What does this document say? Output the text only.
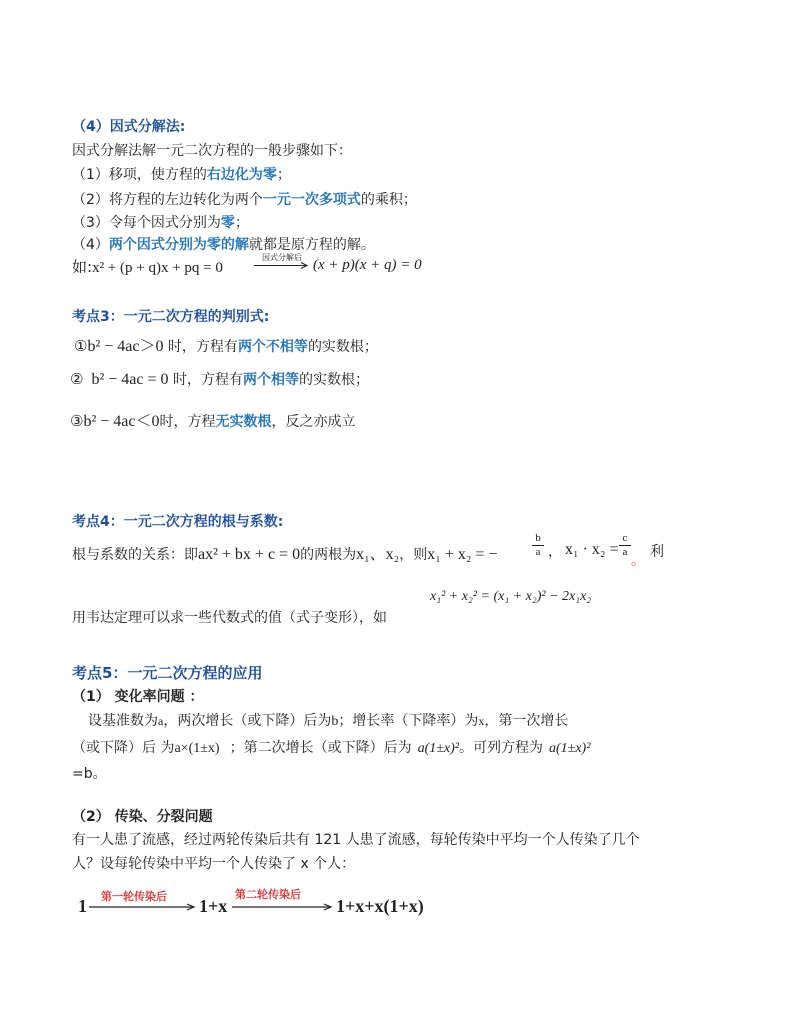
（4）因式分解法:
因式分解法解一元二次方程的一般步骤如下：
（1）移项，使方程的右边化为零；
（2）将方程的左边转化为两个一元一次多项式的乘积；
（3）令每个因式分别为零；
（4）两个因式分别为零的解就都是原方程的解。
如:x² + (p + q)x + pq = 0
因式分解后 (x + p)(x + q) = 0
考点3：一元二次方程的判别式:
①b² − 4ac＞0 时，方程有两个不相等的实数根；
② b² − 4ac = 0 时，方程有两个相等的实数根；
③b² − 4ac＜0时，方程无实数根，反之亦成立
考点4：一元二次方程的根与系数:
根与系数的关系：即ax² + bx + c = 0的两根为x₁、x₂，则x₁ + x₂ = −	$\frac{b}{a}$ ， $x_1 \cdot x_2 = \frac{c}{a}$
。
利
用韦达定理可以求一些代数式的值（式子变形），如
x₁² + x₂² = (x₁ + x₂)² − 2x₁x₂
考点5：一元二次方程的应用
（1） 变化率问题 ：
设基准数为a，两次增长（或下降）后为b；增长率（下降率）为x，第一次增长
（或下降）后 为a×(1±x) ；第二次增长（或下降）后为 a(1±x)²。可列方程为 a(1±x)²
=b。
（2） 传染、分裂问题
有一人患了流感，经过两轮传染后共有 121 人患了流感，每轮传染中平均一个人传染了几个
人？设每轮传染中平均一个人传染了 x 个人：
1 第一轮传染后 1+x
第二轮传染后
1+x+x(1+x)
